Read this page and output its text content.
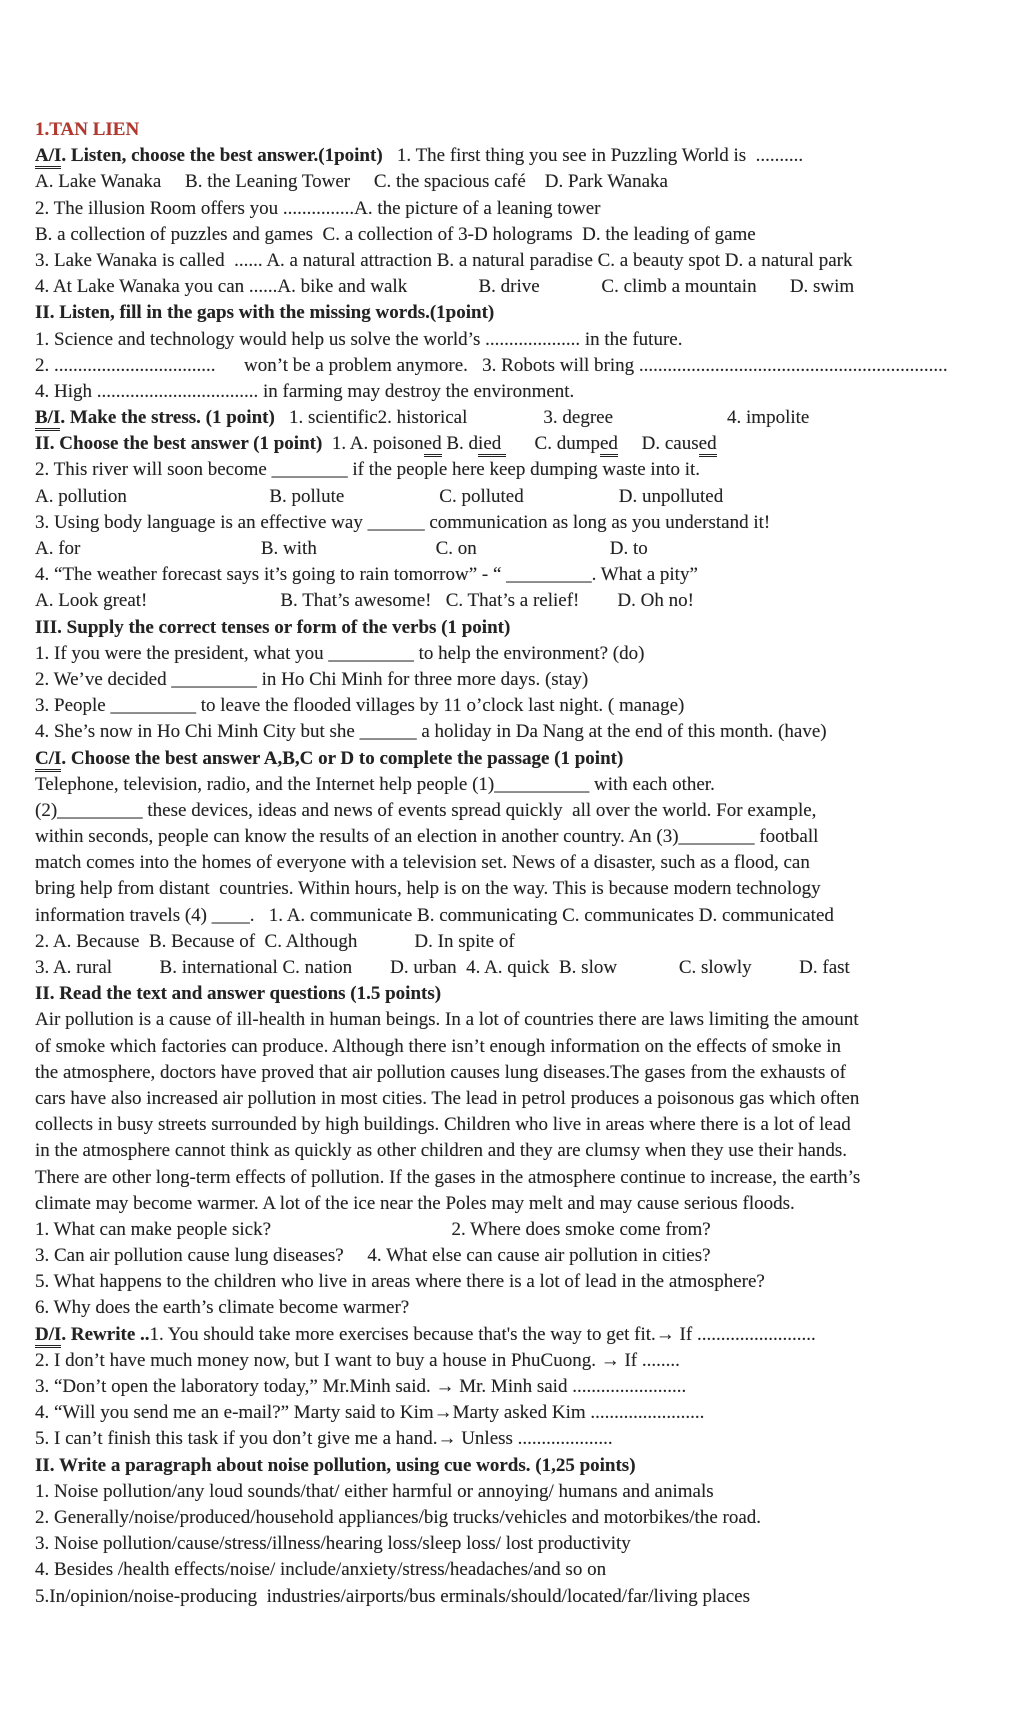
1.TAN LIEN
A/I. Listen, choose the best answer.(1point)   1. The first thing you see in Puzzling World is  ..........
A. Lake Wanaka     B. the Leaning Tower     C. the spacious café    D. Park Wanaka
2. The illusion Room offers you ...............A. the picture of a leaning tower
B. a collection of puzzles and games  C. a collection of 3-D holograms  D. the leading of game
3. Lake Wanaka is called  ...... A. a natural attraction B. a natural paradise C. a beauty spot D. a natural park
4. At Lake Wanaka you can ......A. bike and walk               B. drive             C. climb a mountain       D. swim
II. Listen, fill in the gaps with the missing words.(1point)
1. Science and technology would help us solve the world’s .................... in the future.
2. ..................................      won’t be a problem anymore.   3. Robots will bring .................................................................
4. High .................................. in farming may destroy the environment.
B/I. Make the stress. (1 point)   1. scientific2. historical                3. degree                        4. impolite
II. Choose the best answer (1 point)  1. A. poisoned B. died       C. dumped     D. caused
2. This river will soon become ________ if the people here keep dumping waste into it.
A. pollution                              B. pollute                    C. polluted                    D. unpolluted
3. Using body language is an effective way ______ communication as long as you understand it!
A. for                                      B. with                         C. on                            D. to
4. “The weather forecast says it’s going to rain tomorrow” - “ _________. What a pity”
A. Look great!                            B. That’s awesome!   C. That’s a relief!        D. Oh no!
III. Supply the correct tenses or form of the verbs (1 point)
1. If you were the president, what you _________ to help the environment? (do)
2. We’ve decided _________ in Ho Chi Minh for three more days. (stay)
3. People _________ to leave the flooded villages by 11 o’clock last night. ( manage)
4. She’s now in Ho Chi Minh City but she ______ a holiday in Da Nang at the end of this month. (have)
C/I. Choose the best answer A,B,C or D to complete the passage (1 point)
Telephone, television, radio, and the Internet help people (1)__________ with each other.
(2)_________ these devices, ideas and news of events spread quickly  all over the world. For example,
within seconds, people can know the results of an election in another country. An (3)________ football
match comes into the homes of everyone with a television set. News of a disaster, such as a flood, can
bring help from distant  countries. Within hours, help is on the way. This is because modern technology
information travels (4) ____.   1. A. communicate B. communicating C. communicates D. communicated
2. A. Because  B. Because of  C. Although            D. In spite of
3. A. rural          B. international C. nation        D. urban  4. A. quick  B. slow             C. slowly          D. fast
II. Read the text and answer questions (1.5 points)
Air pollution is a cause of ill-health in human beings. In a lot of countries there are laws limiting the amount
of smoke which factories can produce. Although there isn’t enough information on the effects of smoke in
the atmosphere, doctors have proved that air pollution causes lung diseases.The gases from the exhausts of
cars have also increased air pollution in most cities. The lead in petrol produces a poisonous gas which often
collects in busy streets surrounded by high buildings. Children who live in areas where there is a lot of lead
in the atmosphere cannot think as quickly as other children and they are clumsy when they use their hands.
There are other long-term effects of pollution. If the gases in the atmosphere continue to increase, the earth’s
climate may become warmer. A lot of the ice near the Poles may melt and may cause serious floods.
1. What can make people sick?                                      2. Where does smoke come from?
3. Can air pollution cause lung diseases?     4. What else can cause air pollution in cities?
5. What happens to the children who live in areas where there is a lot of lead in the atmosphere?
6. Why does the earth’s climate become warmer?
D/I. Rewrite ..1. You should take more exercises because that's the way to get fit.→ If .........................
2. I don’t have much money now, but I want to buy a house in PhuCuong. → If ........
3. “Don’t open the laboratory today,” Mr.Minh said. → Mr. Minh said ........................
4. “Will you send me an e-mail?” Marty said to Kim→Marty asked Kim ........................
5. I can’t finish this task if you don’t give me a hand.→ Unless ....................
II. Write a paragraph about noise pollution, using cue words. (1,25 points)
1. Noise pollution/any loud sounds/that/ either harmful or annoying/ humans and animals
2. Generally/noise/produced/household appliances/big trucks/vehicles and motorbikes/the road.
3. Noise pollution/cause/stress/illness/hearing loss/sleep loss/ lost productivity
4. Besides /health effects/noise/ include/anxiety/stress/headaches/and so on
5.In/opinion/noise-producing  industries/airports/bus erminals/should/located/far/living places
